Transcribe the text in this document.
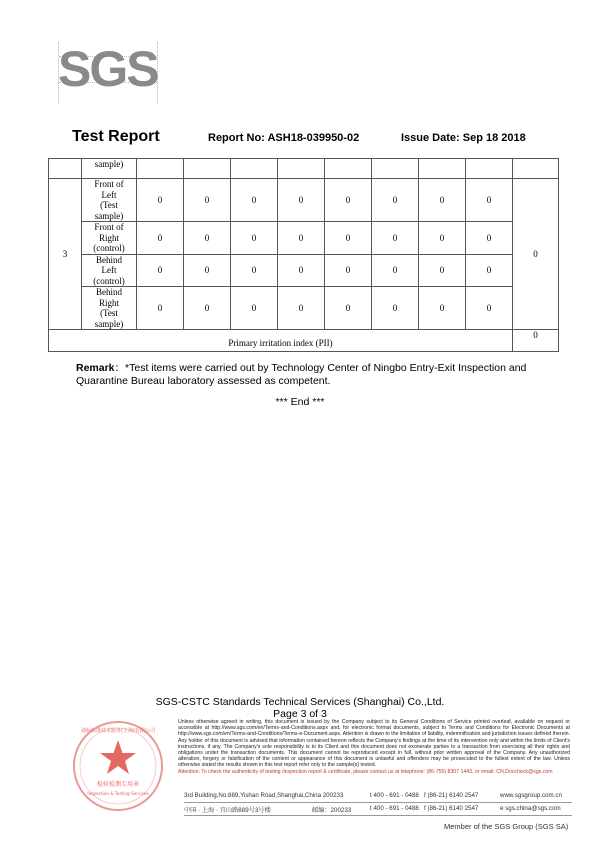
SGS
Test Report	Report No: ASH18-039950-02	Issue Date: Sep 18 2018
	sample)									
3	Front of
Left
(Test
sample)	0	0	0	0	0	0	0	0	0

	Front of
Right
(control)	0	0	0	0	0	0	0	0	

	Behind
Left
(control)	0	0	0	0	0	0	0	0	

	Behind
Right
(Test
sample)	0	0	0	0	0	0	0	0	
Primary irritation index (PII)										0
Remark：*Test items were carried out by Technology Center of Ningbo Entry-Exit Inspection and Quarantine Bureau laboratory assessed as competent.
*** End ***
SGS-CSTC Standards Technical Services (Shanghai) Co.,Ltd.
Page 3 of 3
检验检测专用章
Inspection & Testing Services
通标标准技术服务(上海)有限公司
Unless otherwise agreed in writing, this document is issued by the Company subject to its General Conditions of Service printed overleaf, available on request or accessible at http://www.sgs.com/en/Terms-and-Conditions.aspx and, for electronic format documents, subject to Terms and Conditions for Electronic Documents at http://www.sgs.com/en/Terms-and-Conditions/Terms-e-Document.aspx. Attention is drawn to the limitation of liability, indemnification and jurisdiction issues defined therein. Any holder of this document is advised that information contained hereon reflects the Company's findings at the time of its intervention only and within the limits of Client's instructions, if any. The Company's sole responsibility is to its Client and this document does not exonerate parties to a transaction from exercising all their rights and obligations under the transaction documents. This document cannot be reproduced except in full, without prior written approval of the Company. Any unauthorized alteration, forgery or falsification of the content or appearance of this document is unlawful and offenders may be prosecuted to the fullest extent of the law. Unless otherwise stated the results shown in this test report refer only to the sample(s) tested.
Attention: To check the authenticity of testing /inspection report & certificate, please contact us at telephone: (86-755) 8307 1443, or email: CN.Doccheck@sgs.com
3rd Building,No.889,Yishan Road,Shanghai,China 200233	t 400 - 691 - 0488 f (86-21) 6140 2547	www.sgsgroup.com.cn
中国 · 上海 · 宜山路889号3号楼	邮编：200233	t 400 - 691 - 0488 f (86-21) 6140 2547	e sgs.china@sgs.com
Member of the SGS Group (SGS SA)
